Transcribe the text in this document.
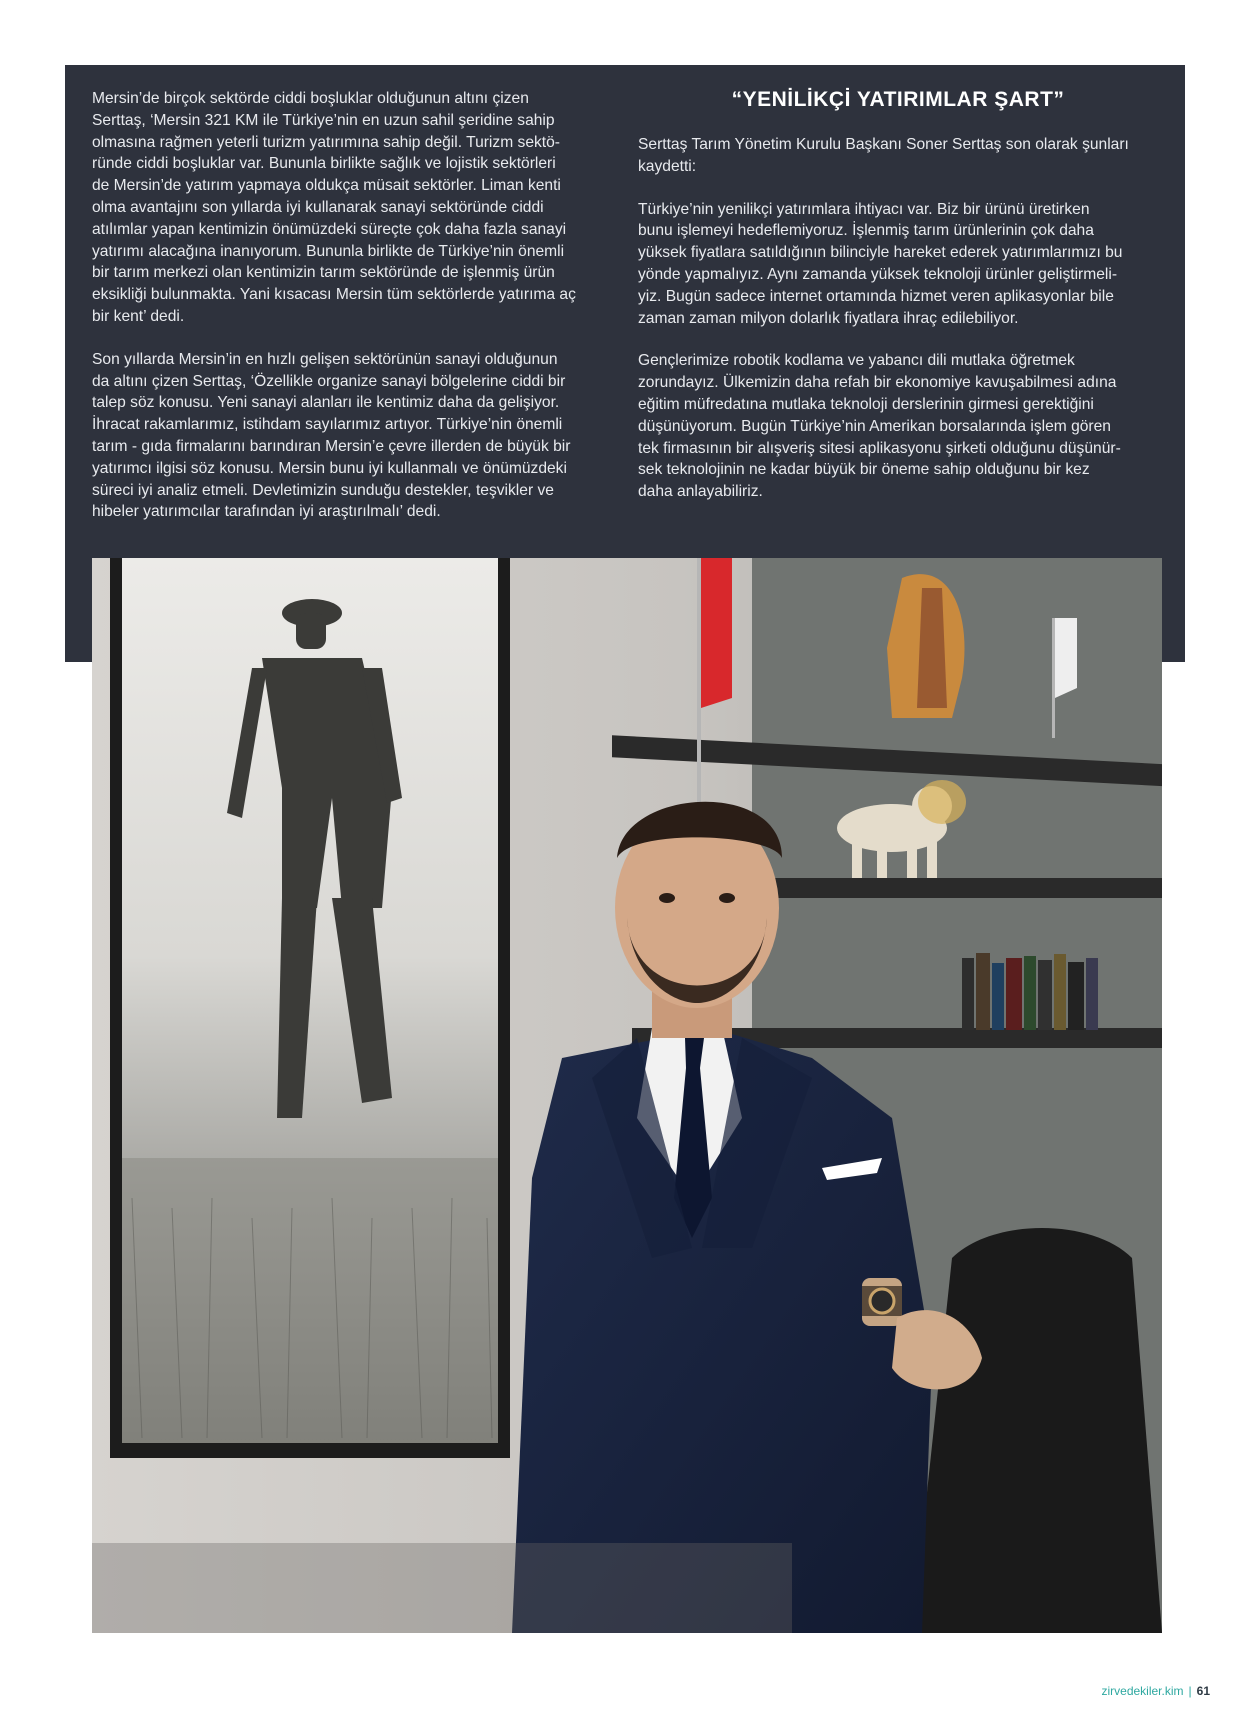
Mersin’de birçok sektörde ciddi boşluklar olduğunun altını çizen
Serttaş, ‘Mersin 321 KM ile Türkiye’nin en uzun sahil şeridine sahip
olmasına rağmen yeterli turizm yatırımına sahip değil. Turizm sektö-
ründe ciddi boşluklar var. Bununla birlikte sağlık ve lojistik sektörleri
de Mersin’de yatırım yapmaya oldukça müsait sektörler. Liman kenti
olma avantajını son yıllarda iyi kullanarak sanayi sektöründe ciddi
atılımlar yapan kentimizin önümüzdeki süreçte çok daha fazla sanayi
yatırımı alacağına inanıyorum. Bununla birlikte de Türkiye’nin önemli
bir tarım merkezi olan kentimizin tarım sektöründe de işlenmiş ürün
eksikliği bulunmakta. Yani kısacası Mersin tüm sektörlerde yatırıma aç
bir kent’ dedi.

Son yıllarda Mersin’in en hızlı gelişen sektörünün sanayi olduğunun
da altını çizen Serttaş, ‘Özellikle organize sanayi bölgelerine ciddi bir
talep söz konusu. Yeni sanayi alanları ile kentimiz daha da gelişiyor.
İhracat rakamlarımız, istihdam sayılarımız artıyor. Türkiye’nin önemli
tarım - gıda firmalarını barındıran Mersin’e çevre illerden de büyük bir
yatırımcı ilgisi söz konusu. Mersin bunu iyi kullanmalı ve önümüzdeki
süreci iyi analiz etmeli. Devletimizin sunduğu destekler, teşvikler ve
hibeler yatırımcılar tarafından iyi araştırılmalı’ dedi.

“YENİLİKÇİ YATIRIMLAR ŞART”

Serttaş Tarım Yönetim Kurulu Başkanı Soner Serttaş son olarak şunları
kaydetti:

Türkiye’nin yenilikçi yatırımlara ihtiyacı var. Biz bir ürünü üretirken
bunu işlemeyi hedeflemiyoruz. İşlenmiş tarım ürünlerinin çok daha
yüksek fiyatlara satıldığının bilinciyle hareket ederek yatırımlarımızı bu
yönde yapmalıyız. Aynı zamanda yüksek teknoloji ürünler geliştirmeli-
yiz. Bugün sadece internet ortamında hizmet veren aplikasyonlar bile
zaman zaman milyon dolarlık fiyatlara ihraç edilebiliyor.

Gençlerimize robotik kodlama ve yabancı dili mutlaka öğretmek
zorundayız. Ülkemizin daha refah bir ekonomiye kavuşabilmesi adına
eğitim müfredatına mutlaka teknoloji derslerinin girmesi gerektiğini
düşünüyorum. Bugün Türkiye’nin Amerikan borsalarında işlem gören
tek firmasının bir alışveriş sitesi aplikasyonu şirketi olduğunu düşünür-
sek teknolojinin ne kadar büyük bir öneme sahip olduğunu bir kez
daha anlayabiliriz.

zirvedekiler.kim | 61
